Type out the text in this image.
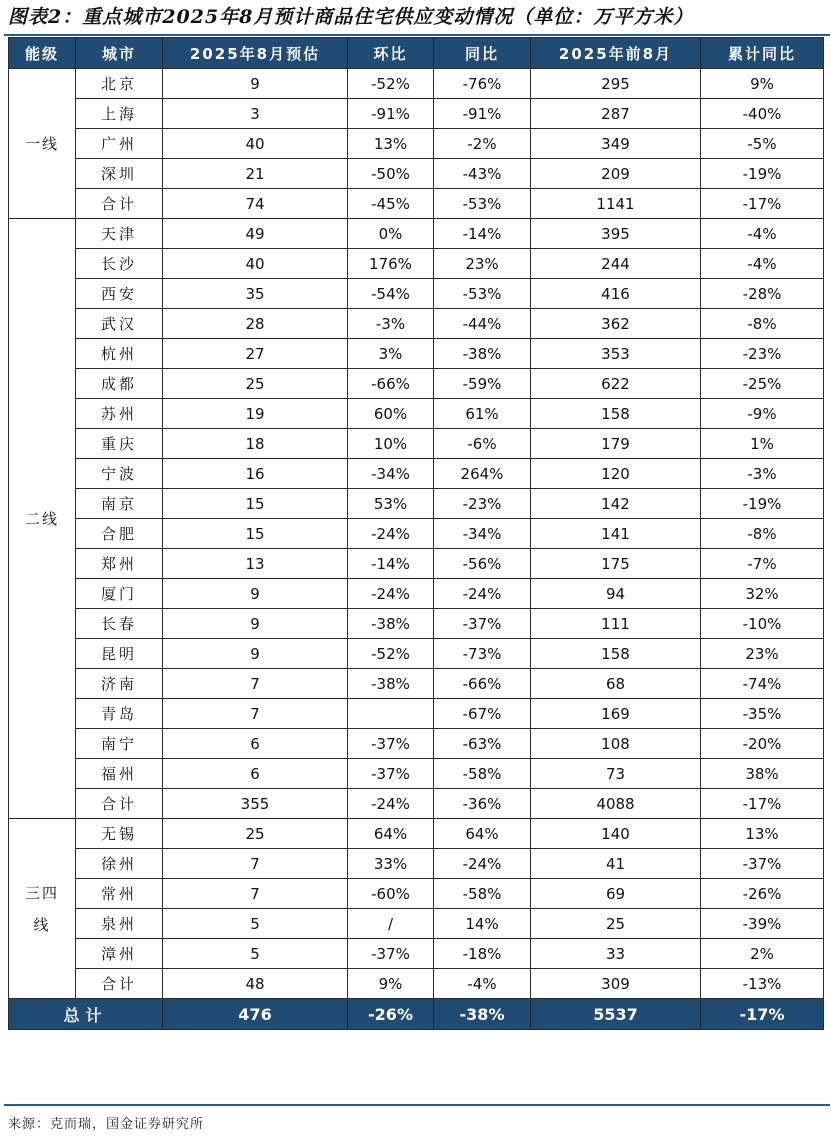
图表2：重点城市2025年8月预计商品住宅供应变动情况（单位：万平方米）
能级	城市	2025年8月预估	环比	同比	2025年前8月	累计同比
一线	北京	9	-52%	-76%	295	9%
	上海	3	-91%	-91%	287	-40%
	广州	40	13%	-2%	349	-5%
	深圳	21	-50%	-43%	209	-19%
	合计	74	-45%	-53%	1141	-17%
二线	天津	49	0%	-14%	395	-4%
	长沙	40	176%	23%	244	-4%
	西安	35	-54%	-53%	416	-28%
	武汉	28	-3%	-44%	362	-8%
	杭州	27	3%	-38%	353	-23%
	成都	25	-66%	-59%	622	-25%
	苏州	19	60%	61%	158	-9%
	重庆	18	10%	-6%	179	1%
	宁波	16	-34%	264%	120	-3%
	南京	15	53%	-23%	142	-19%
	合肥	15	-24%	-34%	141	-8%
	郑州	13	-14%	-56%	175	-7%
	厦门	9	-24%	-24%	94	32%
	长春	9	-38%	-37%	111	-10%
	昆明	9	-52%	-73%	158	23%
	济南	7	-38%	-66%	68	-74%
	青岛	7		-67%	169	-35%
	南宁	6	-37%	-63%	108	-20%
	福州	6	-37%	-58%	73	38%
	合计	355	-24%	-36%	4088	-17%
三四线	无锡	25	64%	64%	140	13%
	徐州	7	33%	-24%	41	-37%
	常州	7	-60%	-58%	69	-26%
	泉州	5	/	14%	25	-39%
	漳州	5	-37%	-18%	33	2%
	合计	48	9%	-4%	309	-13%
总计		476	-26%	-38%	5537	-17%
来源：克而瑞，国金证券研究所
